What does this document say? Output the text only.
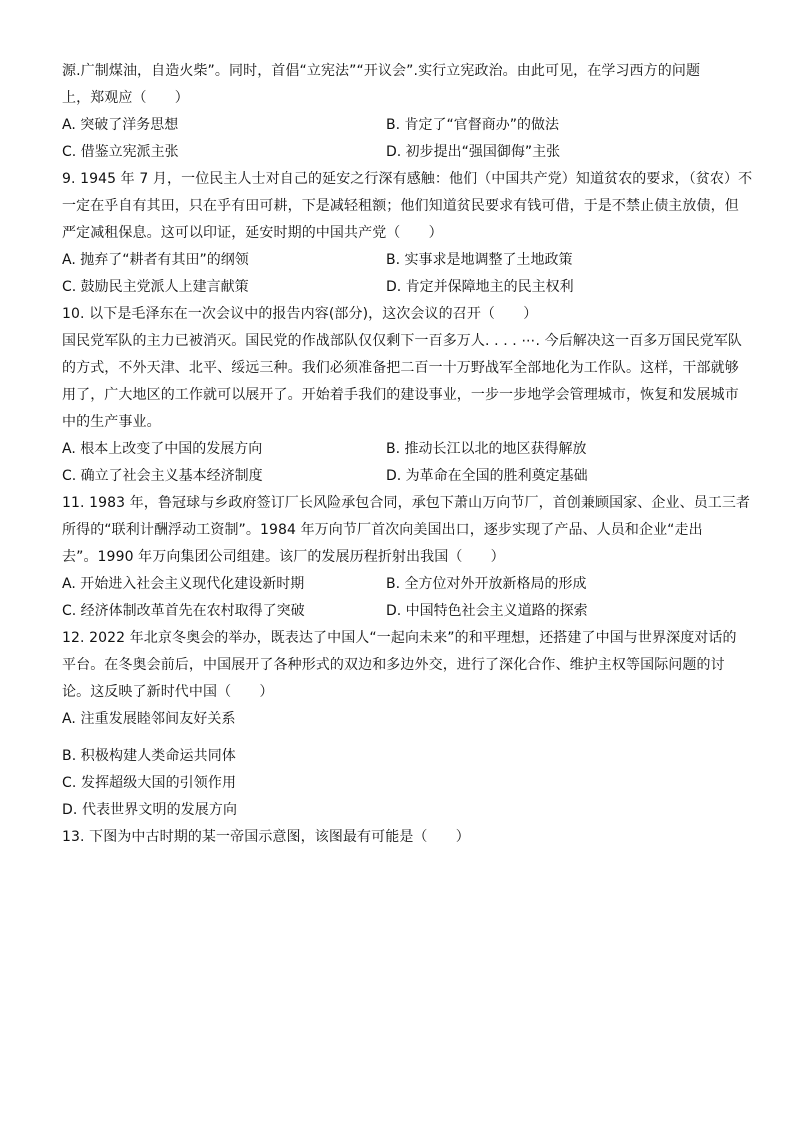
源.广制煤油，自造火柴”。同时，首倡“立宪法”“开议会”.实行立宪政治。由此可见，在学习西方的问题
上，郑观应（　　）
A. 突破了洋务思想	B. 肯定了“官督商办”的做法
C. 借鉴立宪派主张	D. 初步提出“强国御侮”主张
9. 1945 年 7 月，一位民主人士对自己的延安之行深有感触：他们（中国共产党）知道贫农的要求，（贫农）不
一定在乎自有其田，只在乎有田可耕，下是减轻租额；他们知道贫民要求有钱可借，于是不禁止债主放债，但
严定减租保息。这可以印证，延安时期的中国共产党（　　）
A. 抛弃了“耕者有其田”的纲领	B. 实事求是地调整了土地政策
C. 鼓励民主党派人上建言献策	D. 肯定并保障地主的民主权利
10. 以下是毛泽东在一次会议中的报告内容(部分)，这次会议的召开（　　）
国民党军队的主力已被消灭。国民党的作战部队仅仅剩下一百多万人. . . . ⋯. 今后解决这一百多万国民党军队
的方式，不外天津、北平、绥远三种。我们必须准备把二百一十万野战军全部地化为工作队。这样，干部就够
用了，广大地区的工作就可以展开了。开始着手我们的建设事业，一步一步地学会管理城市，恢复和发展城市
中的生产事业。
A. 根本上改变了中国的发展方向	B. 推动长江以北的地区获得解放
C. 确立了社会主义基本经济制度	D. 为革命在全国的胜利奠定基础
11. 1983 年，鲁冠球与乡政府签订厂长风险承包合同，承包下萧山万向节厂，首创兼顾国家、企业、员工三者
所得的“联利计酬浮动工资制”。1984 年万向节厂首次向美国出口，逐步实现了产品、人员和企业“走出
去”。1990 年万向集团公司组建。该厂的发展历程折射出我国（　　）
A. 开始进入社会主义现代化建设新时期	B. 全方位对外开放新格局的形成
C. 经济体制改革首先在农村取得了突破	D. 中国特色社会主义道路的探索
12. 2022 年北京冬奥会的举办，既表达了中国人“一起向未来”的和平理想，还搭建了中国与世界深度对话的
平台。在冬奥会前后，中国展开了各种形式的双边和多边外交，进行了深化合作、维护主权等国际问题的讨
论。这反映了新时代中国（　　）
A. 注重发展睦邻间友好关系
B. 积极构建人类命运共同体
C. 发挥超级大国的引领作用
D. 代表世界文明的发展方向
13. 下图为中古时期的某一帝国示意图，该图最有可能是（　　）
